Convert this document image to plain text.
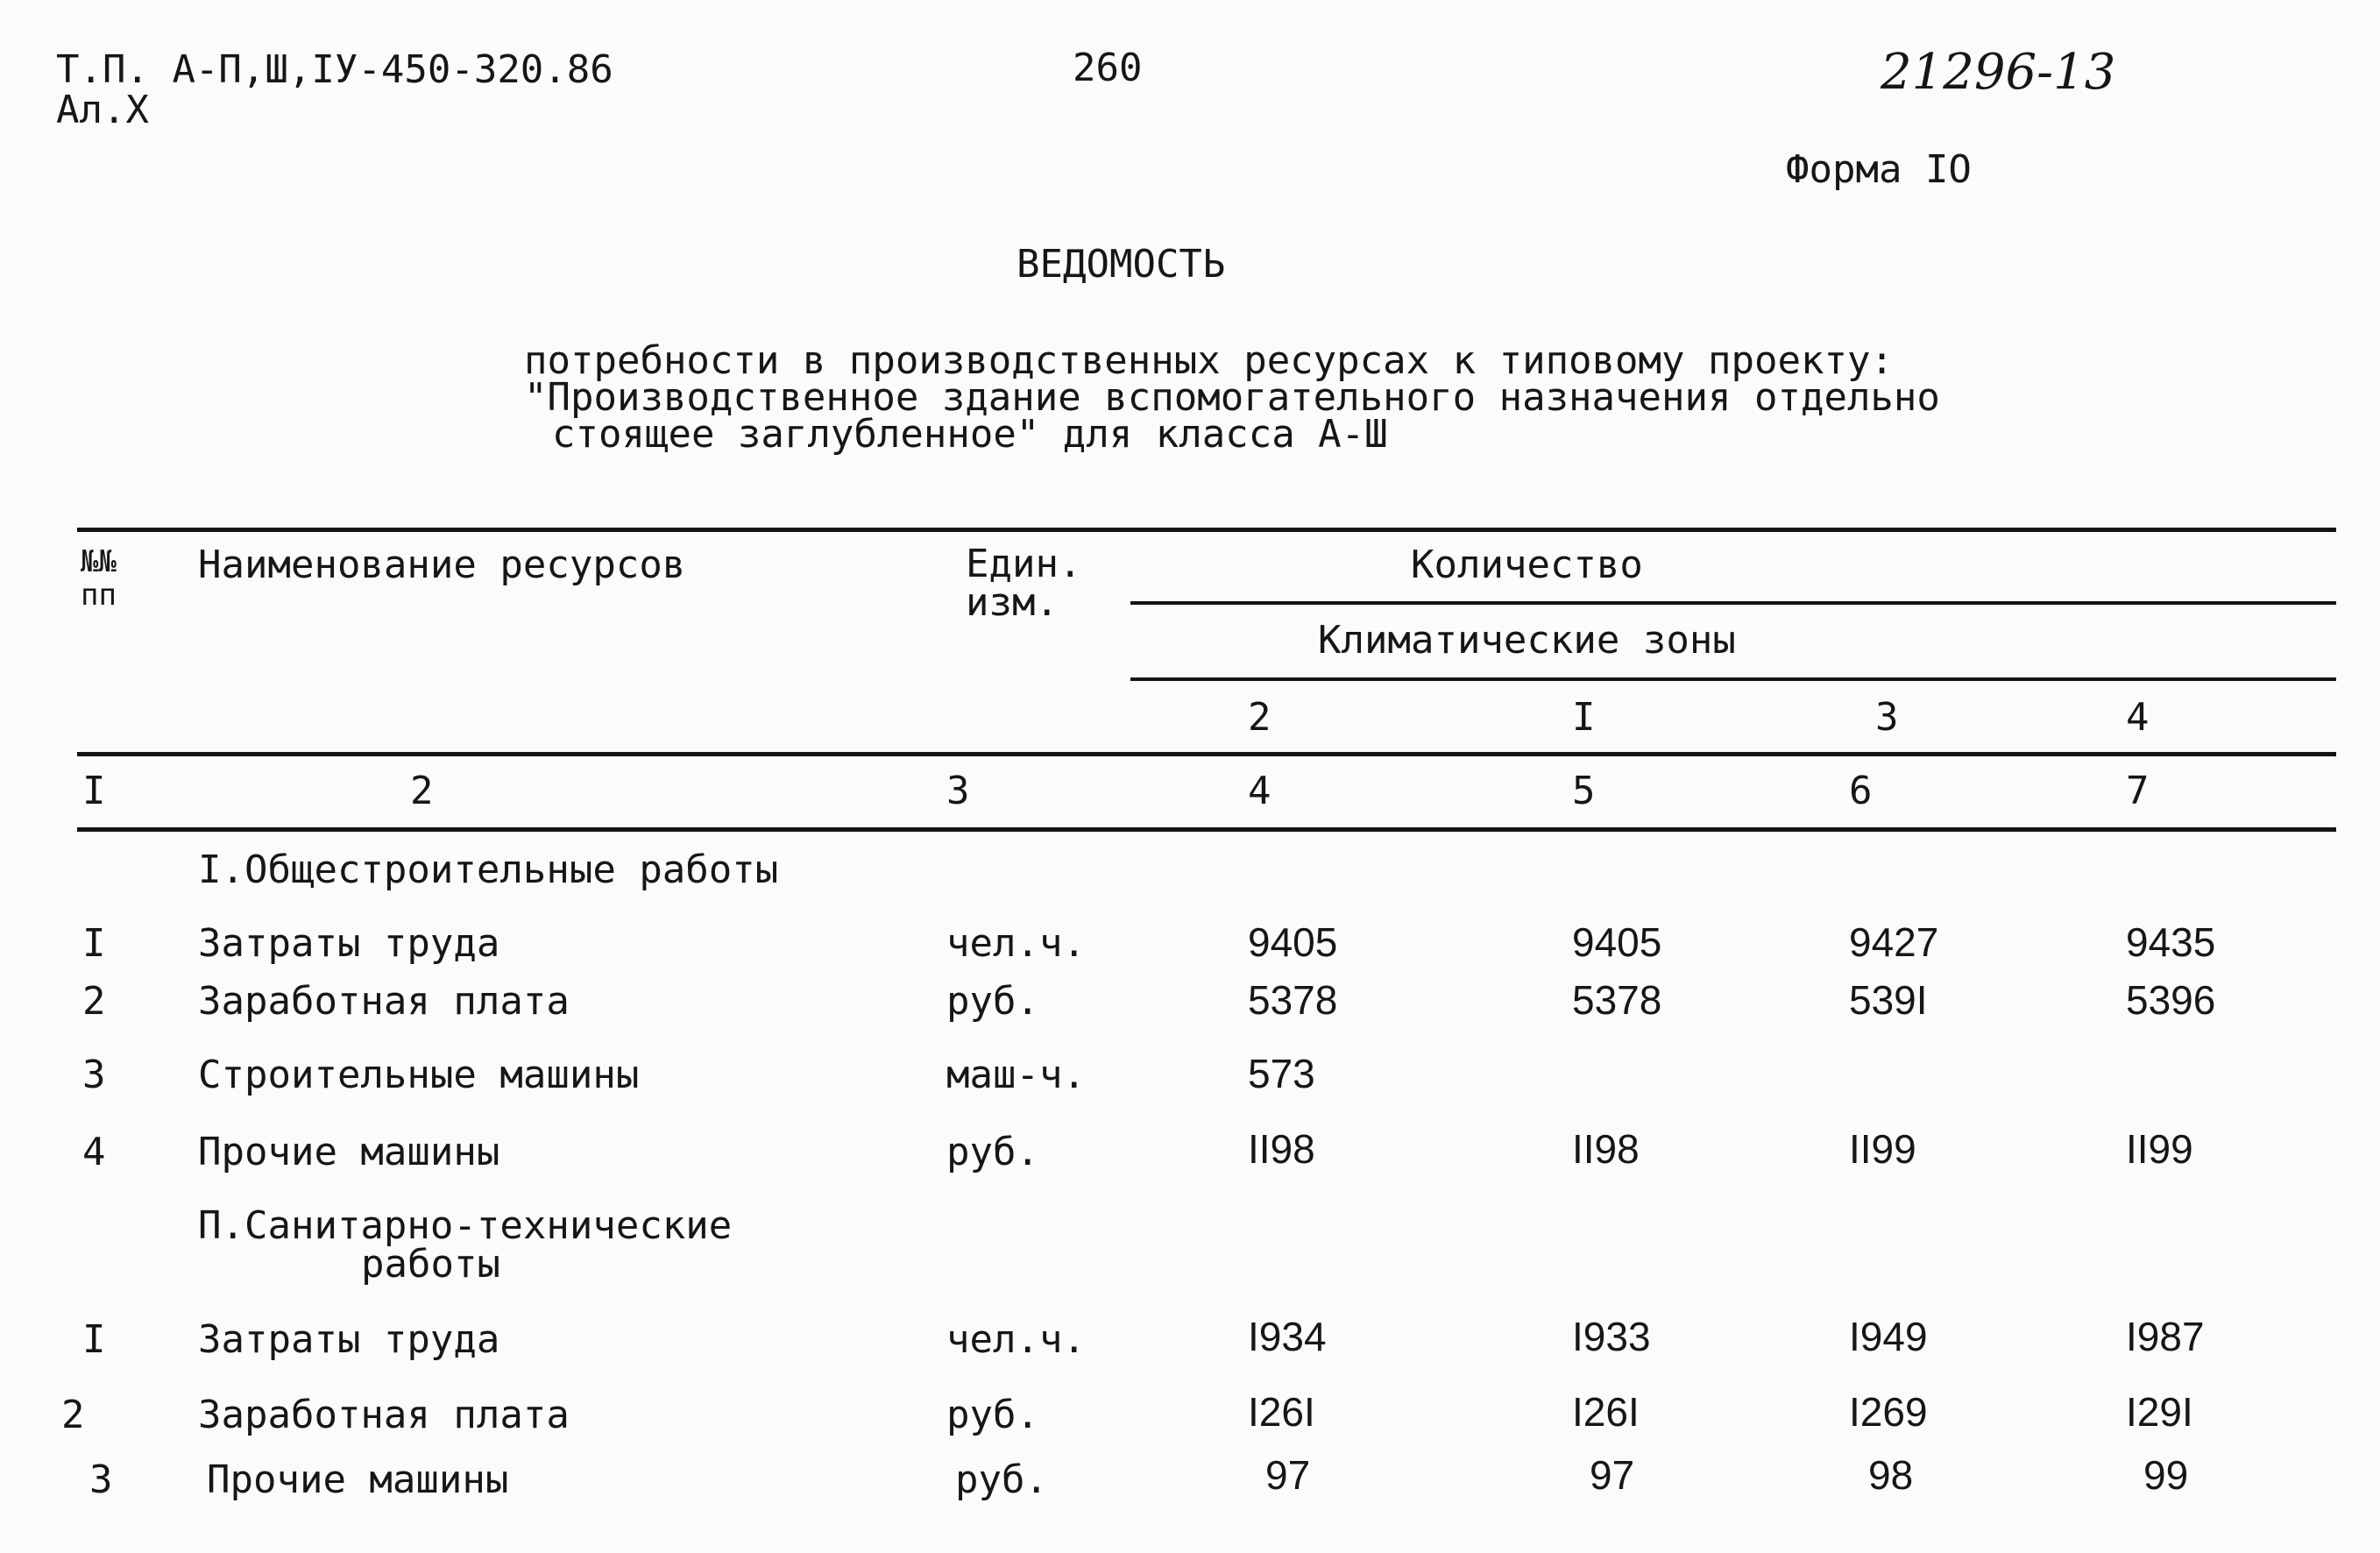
Т.П. А-П,Ш,IУ-450-320.86
Ал.Х
260	21296-13
Форма IO
ВЕДОМОСТЬ
потребности в производственных ресурсах к типовому проекту:
"Производственное здание вспомогательного назначения отдельно
стоящее заглубленное" для класса А-Ш
№№ пп
Наименование ресурсов	Един. изм.
Количество
Климатические зоны
2	I	3	4
I	2	3	4	5	6	7
I.Общестроительные работы
I Затраты труда	чел.ч.	9405	9405	9427	9435
2 Заработная плата	руб.	5378	5378	539I	5396
3 Строительные машины	маш-ч.	573
4 Прочие машины	руб.	II98	II98	II99	II99
П.Санитарно-технические
работы
I Затраты труда	чел.ч.	I934	I933	I949	I987
2	Заработная плата	руб.	I26I	I26I	I269	I29I
3 Прочие машины	руб.	97	97	98	99
